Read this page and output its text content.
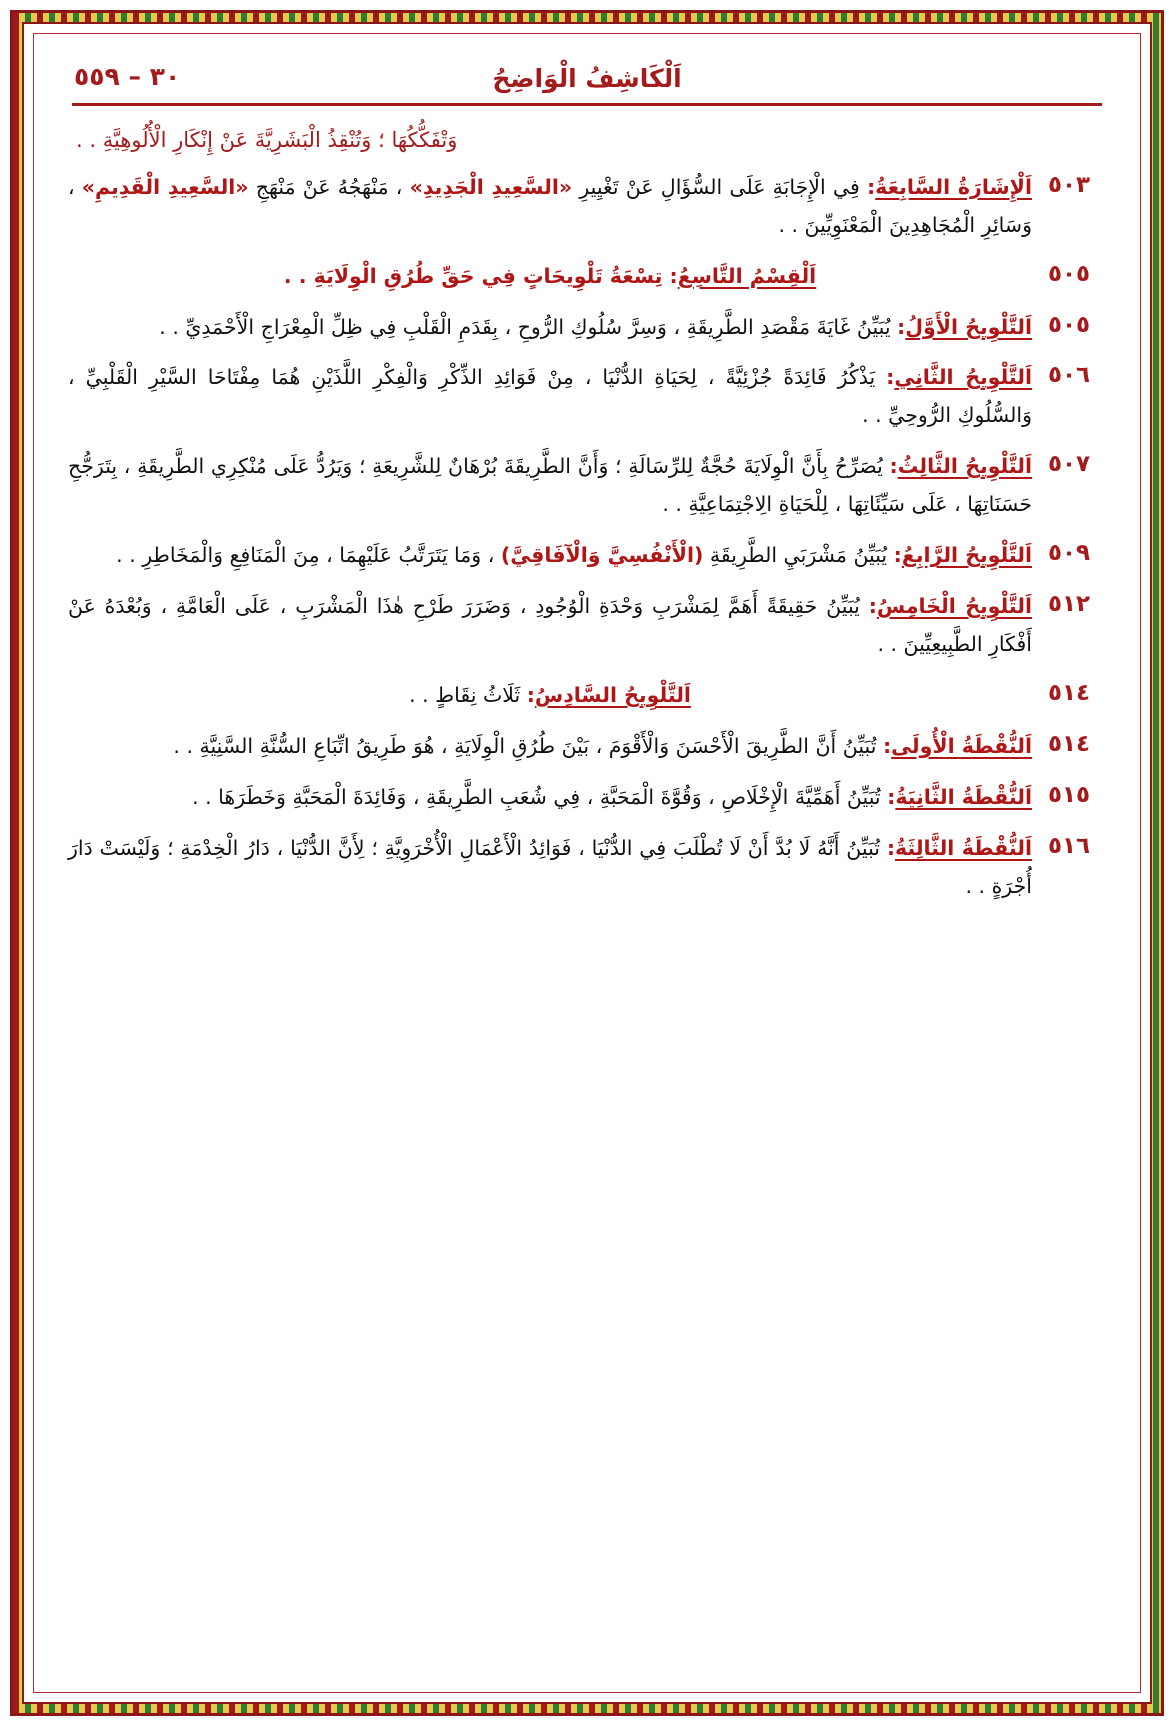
٣٠ – ٥٥٩	اَلْكَاشِفُ الْوَاضِحُ
وَتْفَكُّكُهَا ؛ وَتُنْقِذُ الْبَشَرِيَّةَ عَنْ إِنْكَارِ الْأُلُوهِيَّةِ . .
٥٠٣
اَلْإِشَارَةُ السَّابِعَةُ: فِي الْإِجَابَةِ عَلَى السُّؤَالِ عَنْ تَغْيِيرِ «السَّعِيدِ الْجَدِيدِ» ، مَنْهَجُهُ عَنْ مَنْهَجِ «السَّعِيدِ الْقَدِيمِ» ، وَسَائِرِ الْمُجَاهِدِينَ الْمَعْنَوِيِّينَ . .
٥٠٥
اَلْقِسْمُ التَّاسِعُ: تِسْعَةُ تَلْوِيحَاتٍ فِي حَقِّ طُرُقِ الْوِلَايَةِ . .
٥٠٥
اَلتَّلْوِيحُ الْأَوَّلُ: يُبَيِّنُ غَايَةَ مَقْصَدِ الطَّرِيقَةِ ، وَسِرَّ سُلُوكِ الرُّوحِ ، بِقَدَمِ الْقَلْبِ فِي ظِلِّ الْمِعْرَاجِ الْأَحْمَدِيِّ . .
٥٠٦
اَلتَّلْوِيحُ الثَّانِي: يَذْكُرُ فَائِدَةً جُزْئِيَّةً ، لِحَيَاةِ الدُّنْيَا ، مِنْ فَوَائِدِ الذِّكْرِ وَالْفِكْرِ اللَّذَيْنِ هُمَا مِفْتَاحَا السَّيْرِ الْقَلْبِيِّ ، وَالسُّلُوكِ الرُّوحِيِّ . .
٥٠٧
اَلتَّلْوِيحُ الثَّالِثُ: يُصَرِّحُ بِأَنَّ الْوِلَايَةَ حُجَّةٌ لِلرِّسَالَةِ ؛ وَأَنَّ الطَّرِيقَةَ بُرْهَانٌ لِلشَّرِيعَةِ ؛ وَيَرُدُّ عَلَى مُنْكِرِي الطَّرِيقَةِ ، بِتَرَجُّحِ حَسَنَاتِهَا ، عَلَى سَيِّئَاتِهَا ، لِلْحَيَاةِ الِاجْتِمَاعِيَّةِ . .
٥٠٩
اَلتَّلْوِيحُ الرَّابِعُ: يُبَيِّنُ مَشْرَبَيِ الطَّرِيقَةِ (الْأَنْفُسِيَّ وَالْآفَاقِيَّ) ، وَمَا يَتَرَتَّبُ عَلَيْهِمَا ، مِنَ الْمَنَافِعِ وَالْمَخَاطِرِ . .
٥١٢
اَلتَّلْوِيحُ الْخَامِسُ: يُبَيِّنُ حَقِيقَةً أَهَمَّ لِمَشْرَبِ وَحْدَةِ الْوُجُودِ ، وَضَرَرَ طَرْحِ هٰذَا الْمَشْرَبِ ، عَلَى الْعَامَّةِ ، وَبُعْدَهُ عَنْ أَفْكَارِ الطَّبِيعِيِّينَ . .
٥١٤
اَلتَّلْوِيحُ السَّادِسُ: ثَلَاثُ نِقَاطٍ . .
٥١٤
اَلنُّقْطَةُ الْأُولَى: تُبَيِّنُ أَنَّ الطَّرِيقَ الْأَحْسَنَ وَالْأَقْوَمَ ، بَيْنَ طُرُقِ الْوِلَايَةِ ، هُوَ طَرِيقُ اتِّبَاعِ السُّنَّةِ السَّنِيَّةِ . .
٥١٥
اَلنُّقْطَةُ الثَّانِيَةُ: تُبَيِّنُ أَهَمِّيَّةَ الْإِخْلَاصِ ، وَقُوَّةَ الْمَحَبَّةِ ، فِي شُعَبِ الطَّرِيقَةِ ، وَفَائِدَةَ الْمَحَبَّةِ وَخَطَرَهَا . .
٥١٦
اَلنُّقْطَةُ الثَّالِثَةُ: تُبَيِّنُ أَنَّهُ لَا بُدَّ أَنْ لَا تُطْلَبَ فِي الدُّنْيَا ، فَوَائِدُ الْأَعْمَالِ الْأُخْرَوِيَّةِ ؛ لِأَنَّ الدُّنْيَا ، دَارُ الْخِدْمَةِ ؛ وَلَيْسَتْ دَارَ أُجْرَةٍ . .
